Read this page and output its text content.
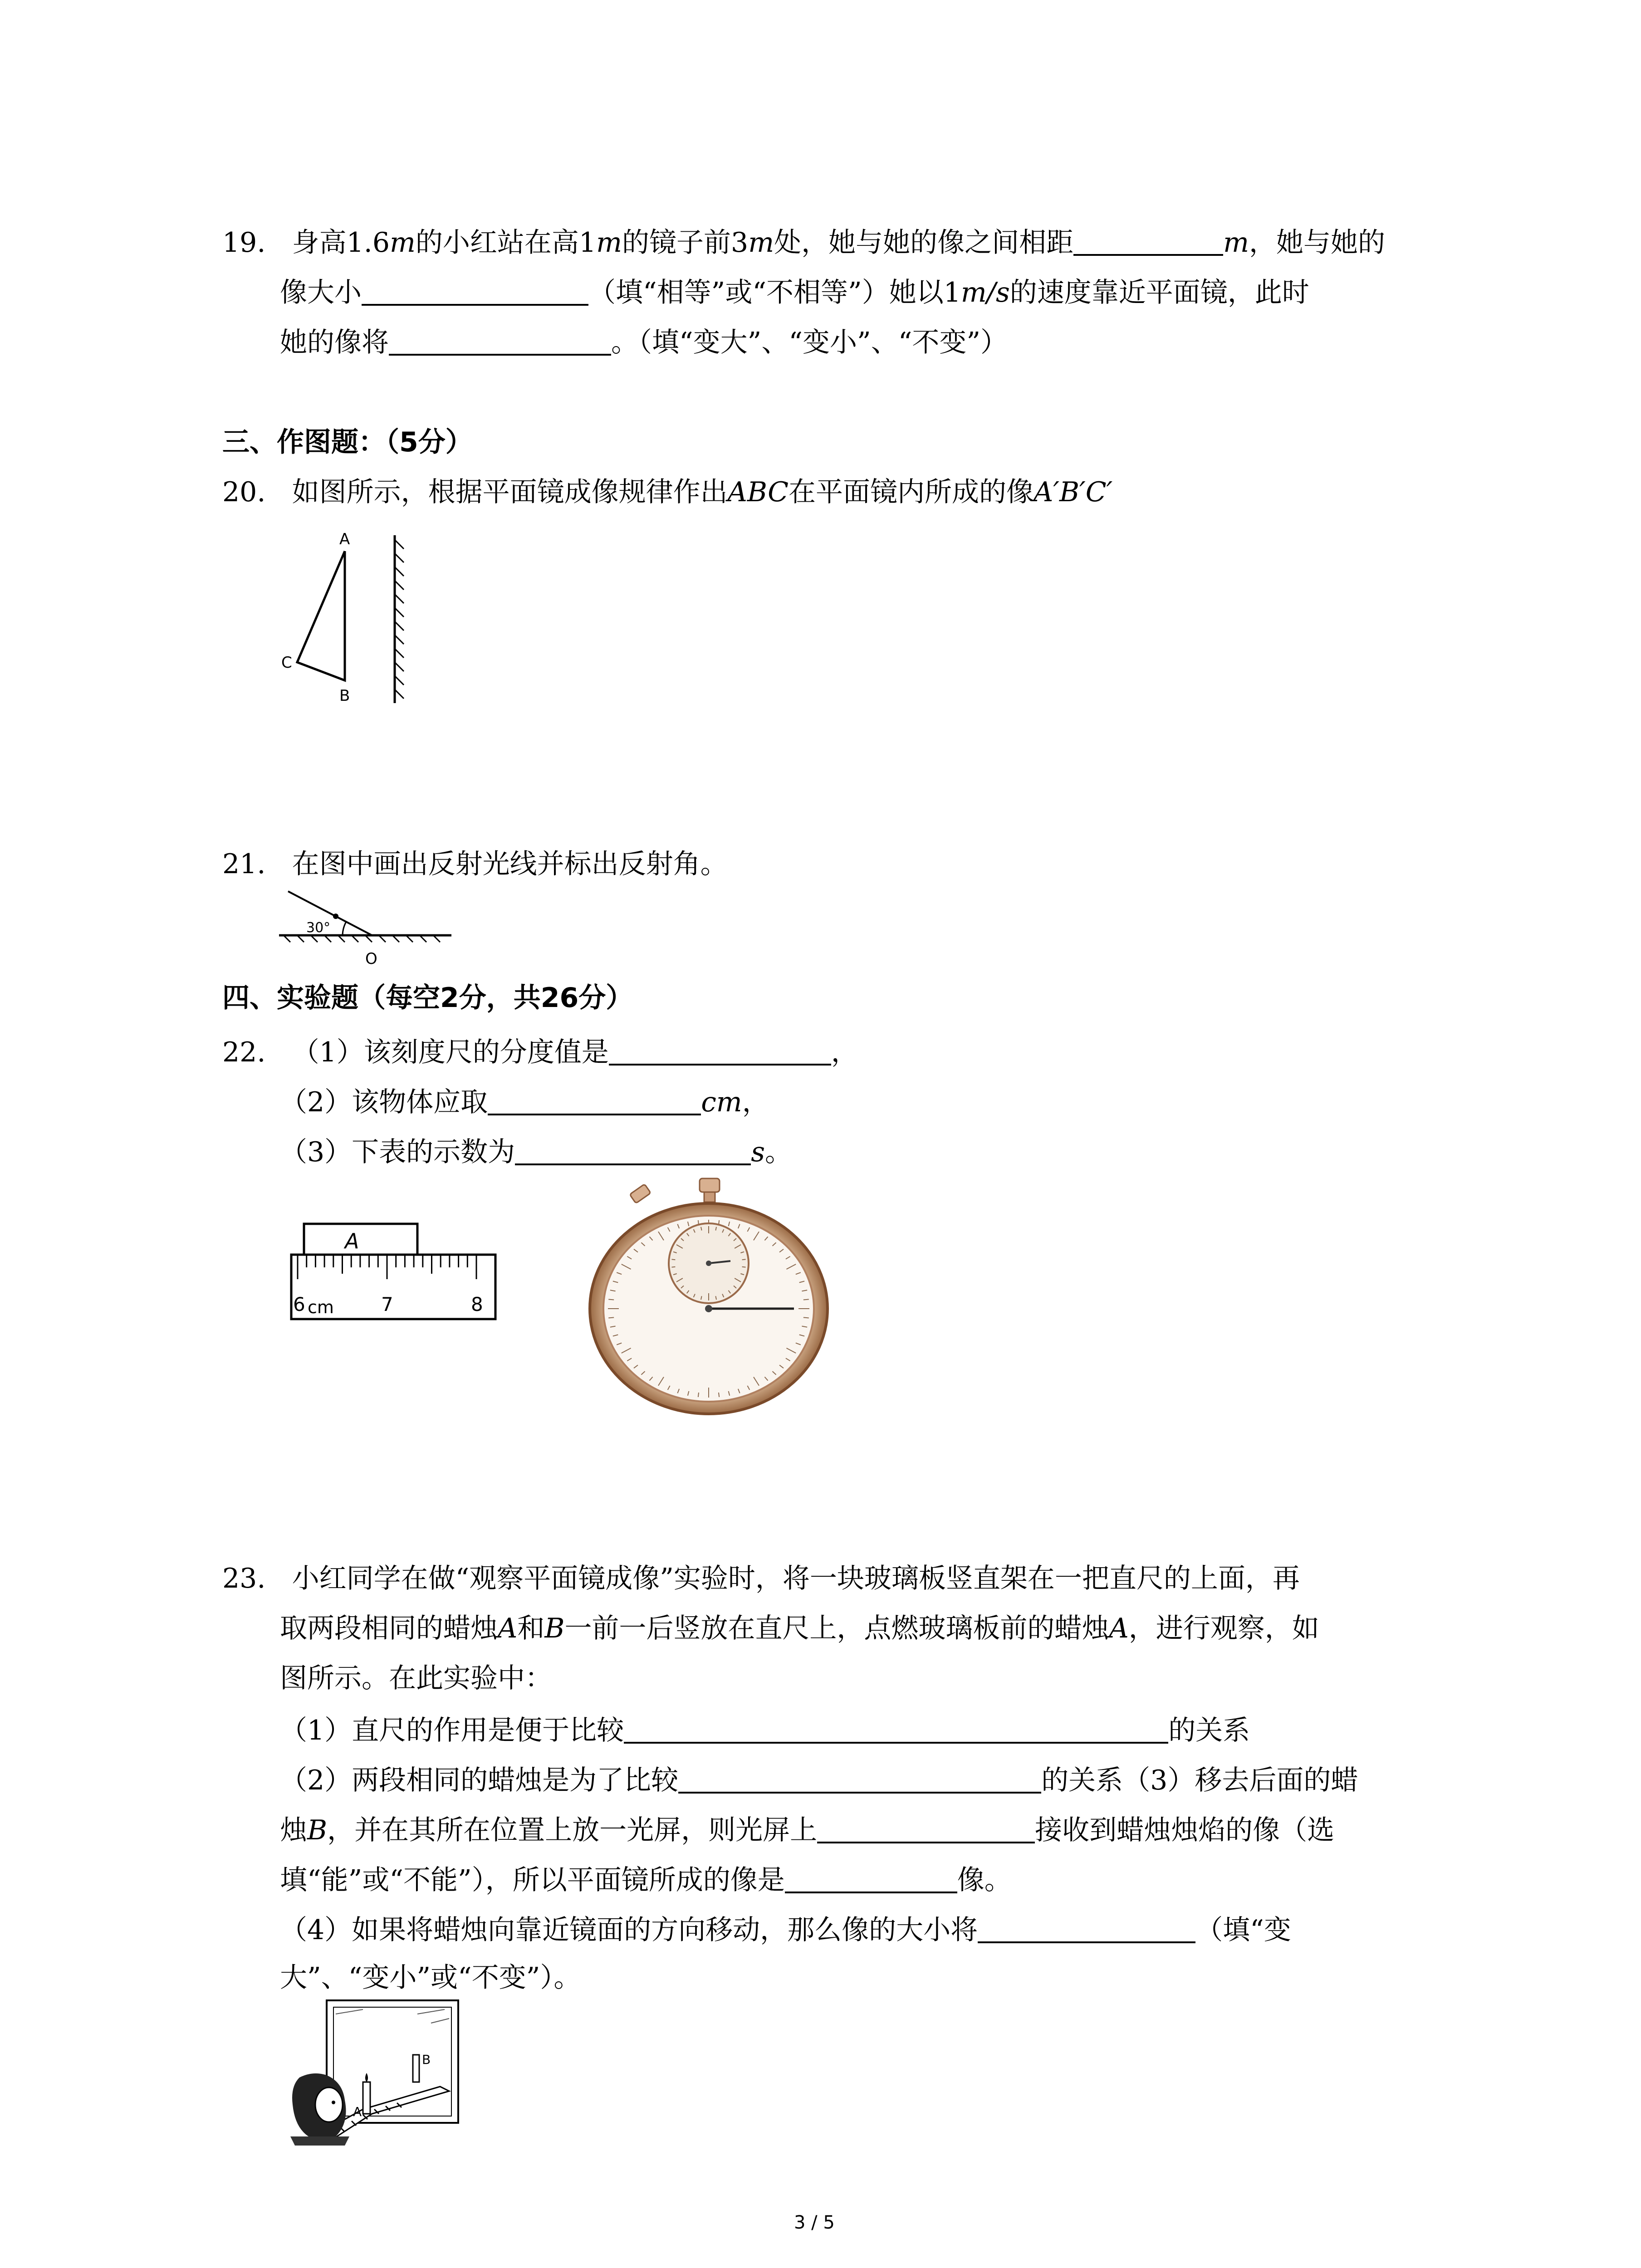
19. 身高1.6m的小红站在高1m的镜子前3m处，她与她的像之间相距	m，她与她的
像大小	（填“相等”或“不相等”）她以1m/s的速度靠近平面镜，此时
她的像将	。（填“变大”、“变小”、“不变”）
三、作图题：（5分）
20. 如图所示，根据平面镜成像规律作出ABC在平面镜内所成的像A′B′C′
A
C
B
21. 在图中画出反射光线并标出反射角。
30°
O
四、实验题（每空2分，共26分）
22. （1）该刻度尺的分度值是	，
（2）该物体应取	cm，
（3）下表的示数为	s。
A
6 cm 7	8
23. 小红同学在做“观察平面镜成像”实验时，将一块玻璃板竖直架在一把直尺的上面，再
取两段相同的蜡烛A和B一前一后竖放在直尺上，点燃玻璃板前的蜡烛A，进行观察，如
图所示。在此实验中：
（1）直尺的作用是便于比较	的关系
（2）两段相同的蜡烛是为了比较	的关系（3）移去后面的蜡
烛B，并在其所在位置上放一光屏，则光屏上	接收到蜡烛烛焰的像（选
填“能”或“不能”），所以平面镜所成的像是	像。
（4）如果将蜡烛向靠近镜面的方向移动，那么像的大小将	（填“变
大”、“变小”或“不变”）。
A
B
3 / 5
